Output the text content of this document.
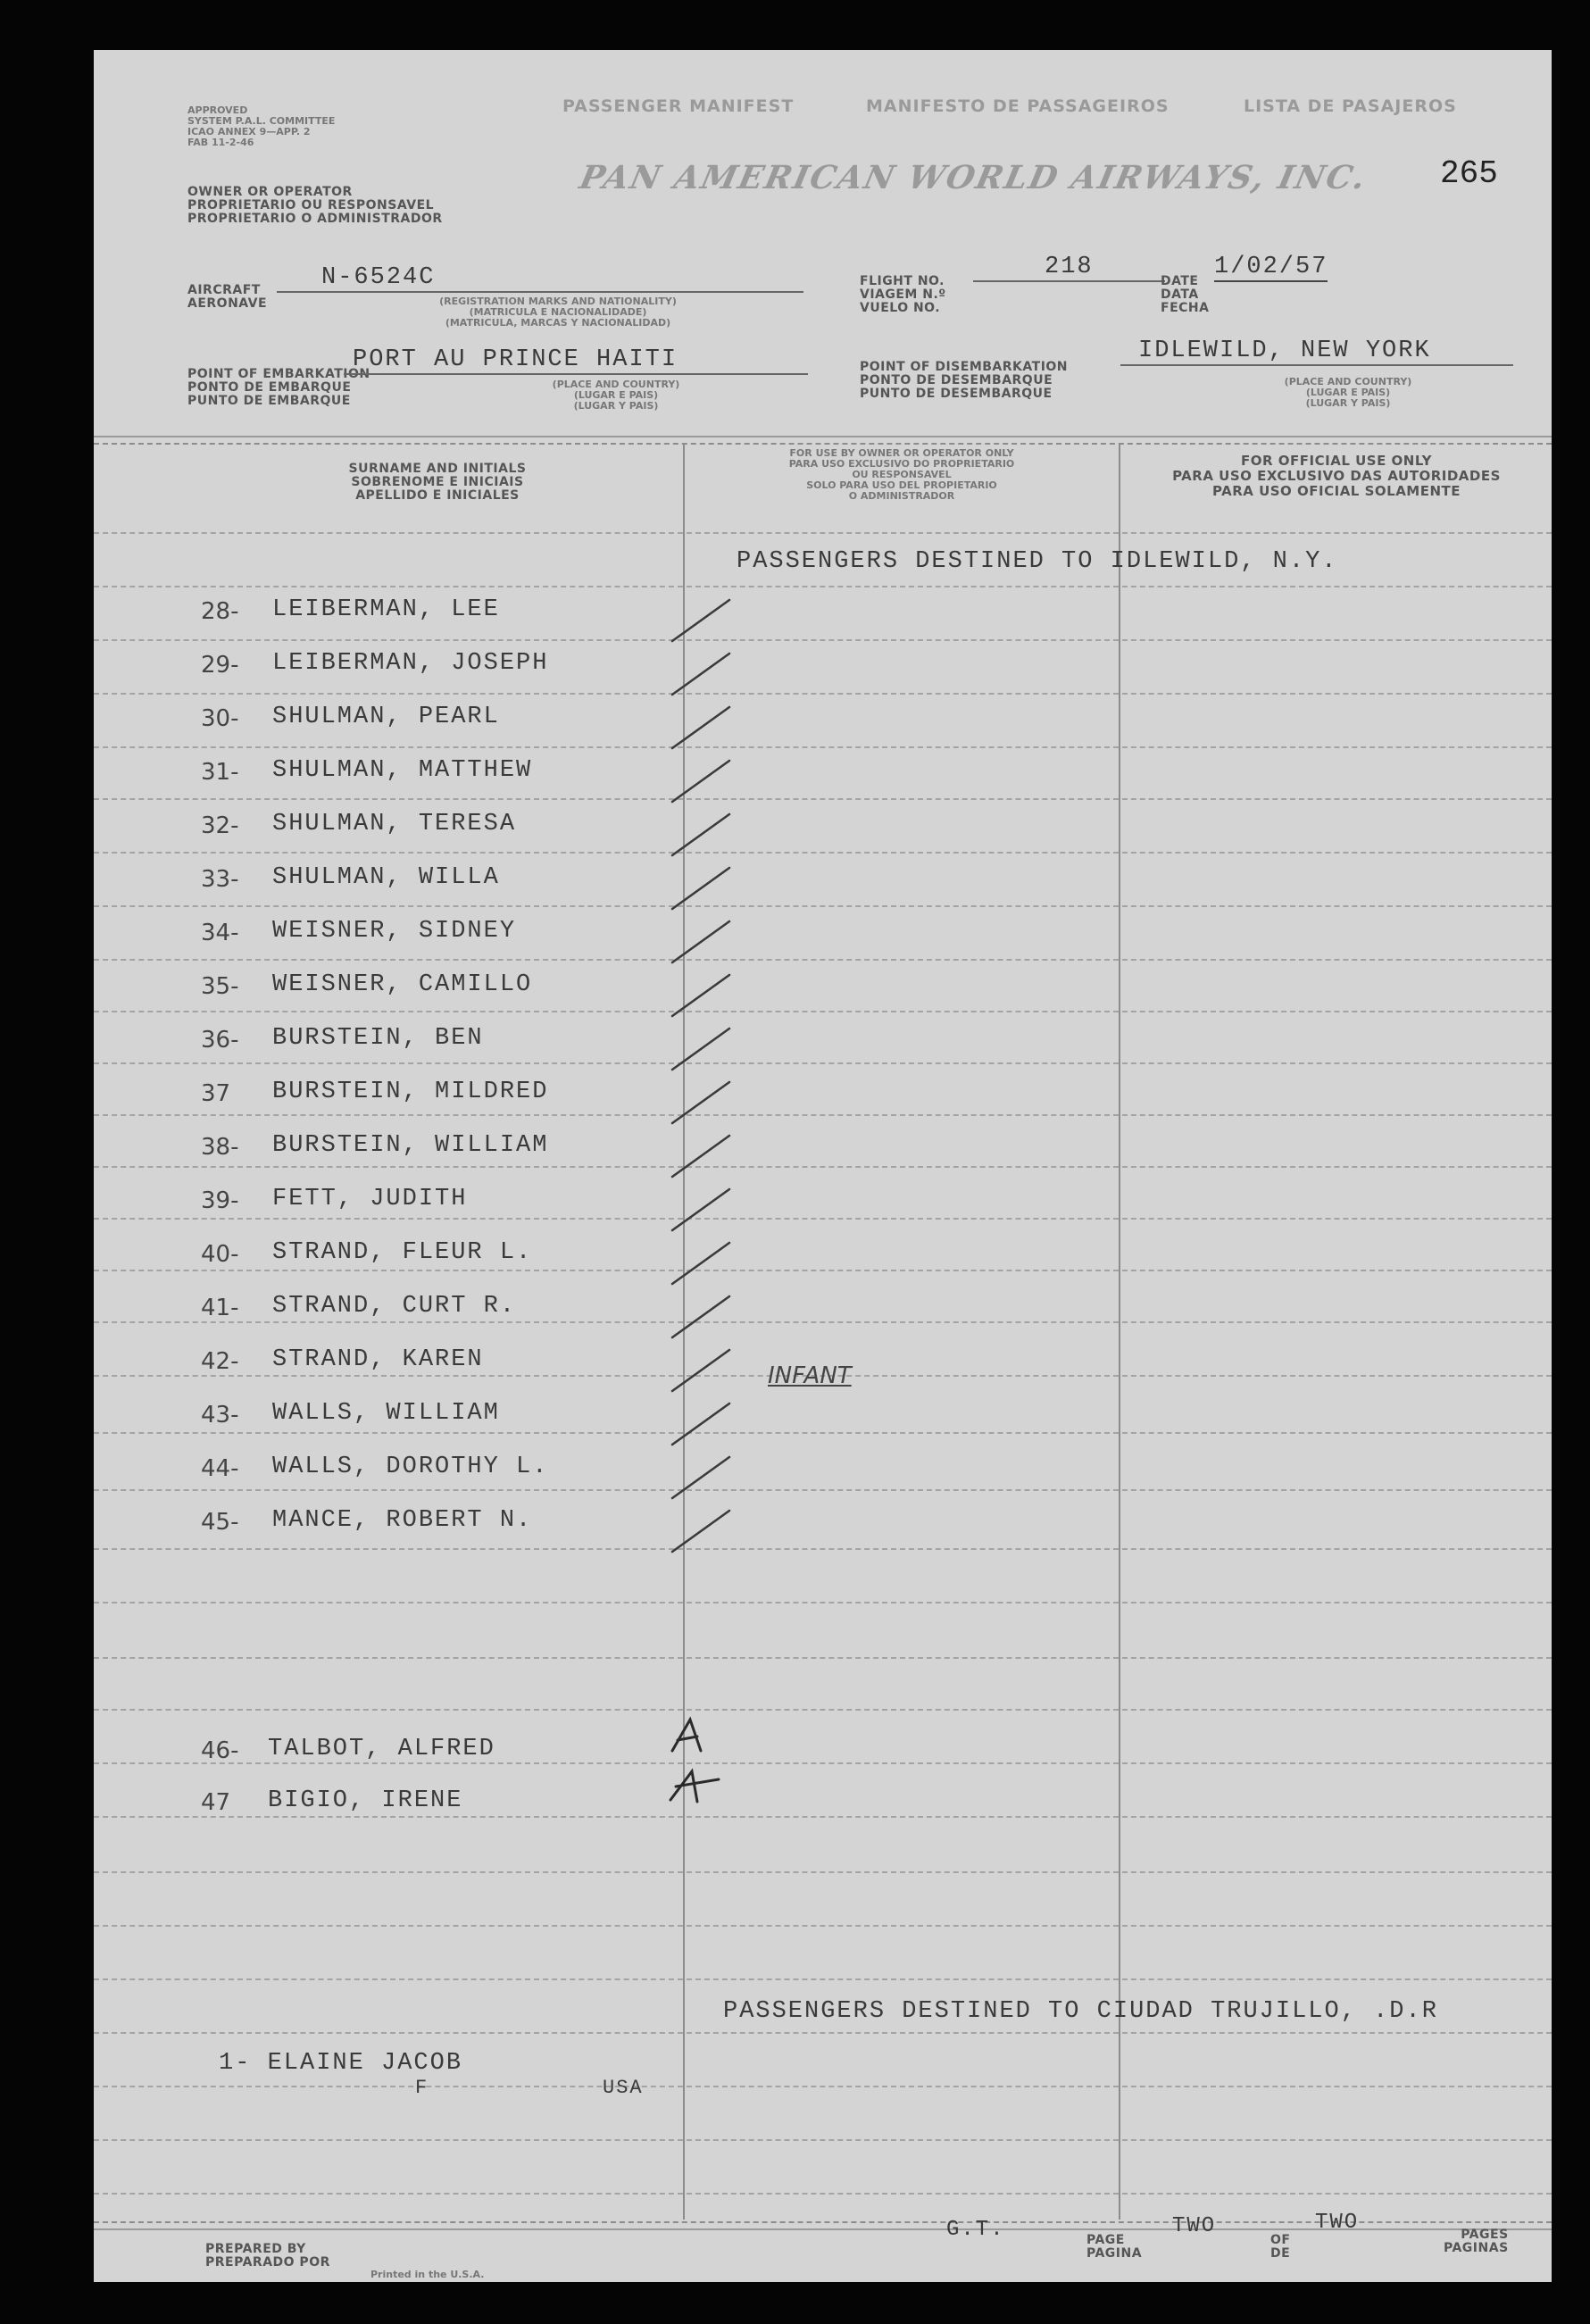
APPROVED
SYSTEM P.A.L. COMMITTEE
ICAO ANNEX 9—APP. 2
FAB 11-2-46
PASSENGER MANIFEST	MANIFESTO DE PASSAGEIROS	LISTA DE PASAJEROS
OWNER OR OPERATOR
PROPRIETARIO OU RESPONSAVEL
PROPRIETARIO O ADMINISTRADOR
PAN AMERICAN WORLD AIRWAYS, INC. 265
AIRCRAFT
AERONAVE
N-6524C
(REGISTRATION MARKS AND NATIONALITY)
(MATRICULA E NACIONALIDADE)
(MATRICULA, MARCAS Y NACIONALIDAD)
FLIGHT NO.
VIAGEM N.º
VUELO NO.
218
DATE
DATA
FECHA
1/02/57
POINT OF EMBARKATION
PONTO DE EMBARQUE
PUNTO DE EMBARQUE
PORT AU PRINCE HAITI
(PLACE AND COUNTRY)
(LUGAR E PAIS)
(LUGAR Y PAIS)
POINT OF DISEMBARKATION
PONTO DE DESEMBARQUE
PUNTO DE DESEMBARQUE
IDLEWILD, NEW YORK
(PLACE AND COUNTRY)
(LUGAR E PAIS)
(LUGAR Y PAIS)
SURNAME AND INITIALS
SOBRENOME E INICIAIS
APELLIDO E INICIALES
FOR USE BY OWNER OR OPERATOR ONLY
PARA USO EXCLUSIVO DO PROPRIETARIO
OU RESPONSAVEL
SOLO PARA USO DEL PROPIETARIO
O ADMINISTRADOR
FOR OFFICIAL USE ONLY
PARA USO EXCLUSIVO DAS AUTORIDADES
PARA USO OFICIAL SOLAMENTE
PASSENGERS DESTINED TO IDLEWILD, N.Y.
28- LEIBERMAN, LEE
29- LEIBERMAN, JOSEPH
30- SHULMAN, PEARL
31- SHULMAN, MATTHEW
32- SHULMAN, TERESA
33- SHULMAN, WILLA
34- WEISNER, SIDNEY
35- WEISNER, CAMILLO
36- BURSTEIN, BEN
37 BURSTEIN, MILDRED
38- BURSTEIN, WILLIAM
39- FETT, JUDITH
40- STRAND, FLEUR L.
41- STRAND, CURT R.
42- STRAND, KAREN
43- WALLS, WILLIAM
44- WALLS, DOROTHY L.
45- MANCE, ROBERT N.
INFANT
46- TALBOT, ALFRED
47 BIGIO, IRENE
PASSENGERS DESTINED TO CIUDAD TRUJILLO, .D.R
1- ELAINE JACOB
F	USA
G.T.	PAGE
PAGINA
TWO
OF
DE
TWO	PAGES
PAGINAS
PREPARED BY
PREPARADO POR
Printed in the U.S.A.
